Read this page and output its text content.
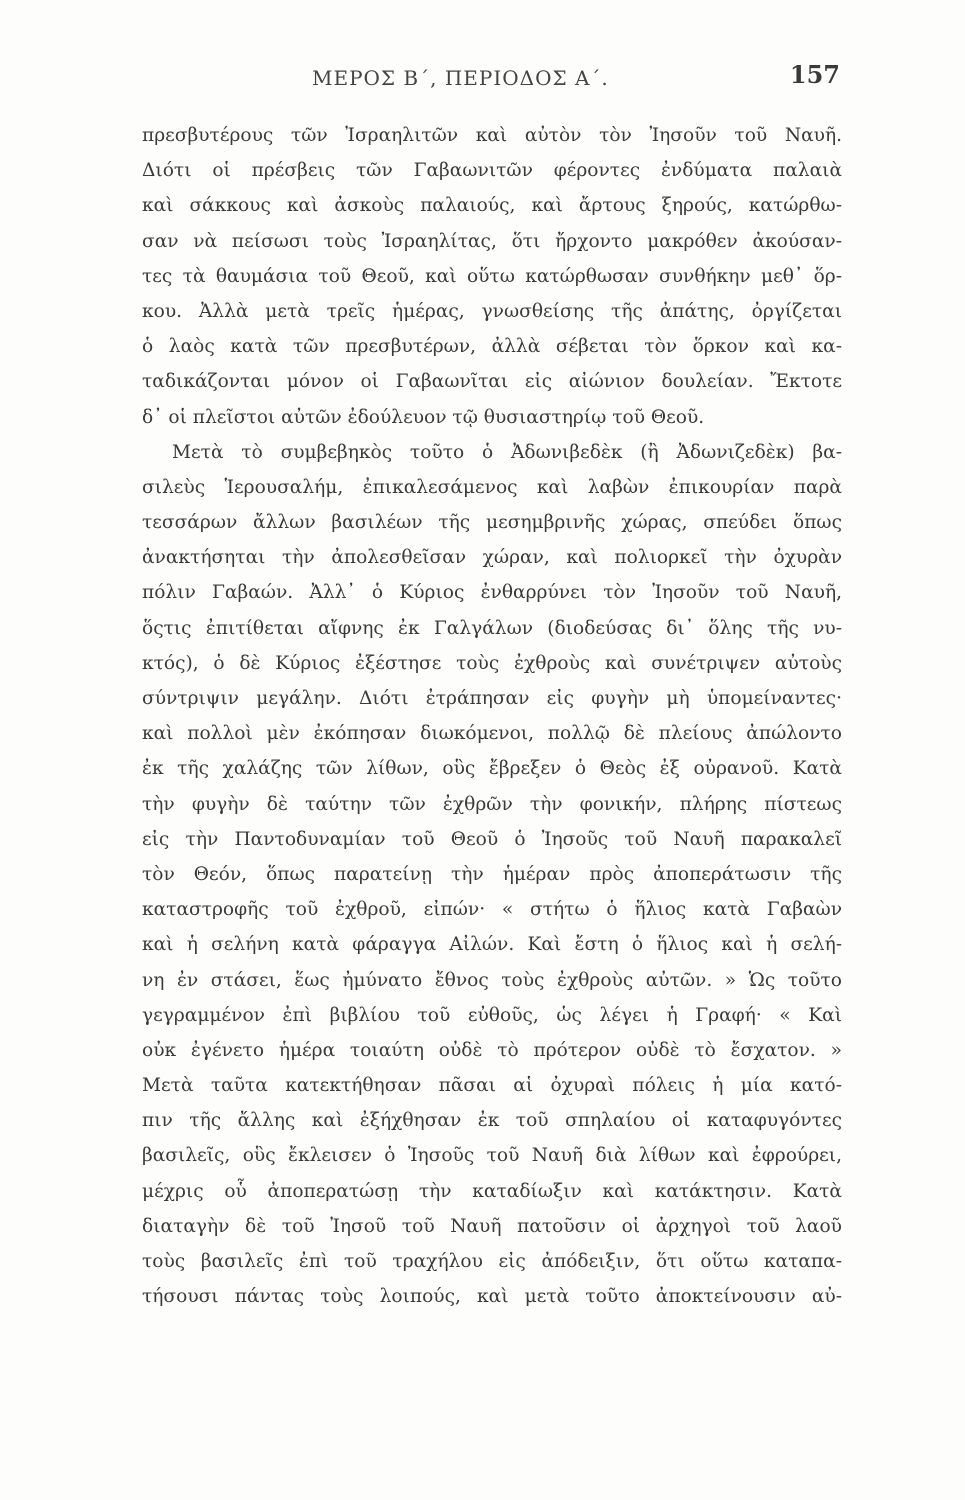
ΜΕΡΟΣ Β΄, ΠΕΡΙΟΔΟΣ Α΄.	157
πρεσβυτέρους τῶν Ἰσραηλιτῶν καὶ αὐτὸν τὸν Ἰησοῦν τοῦ Ναυῆ.
Διότι οἱ πρέσβεις τῶν Γαβαωνιτῶν φέροντες ἐνδύματα παλαιὰ
καὶ σάκκους καὶ ἀσκοὺς παλαιούς, καὶ ἄρτους ξηρούς, κατώρθω-
σαν νὰ πείσωσι τοὺς Ἰσραηλίτας, ὅτι ἤρχοντο μακρόθεν ἀκούσαν-
τες τὰ θαυμάσια τοῦ Θεοῦ, καὶ οὕτω κατώρθωσαν συνθήκην μεθ᾽ ὅρ-
κου. Ἀλλὰ μετὰ τρεῖς ἡμέρας, γνωσθείσης τῆς ἀπάτης, ὀργίζεται
ὁ λαὸς κατὰ τῶν πρεσβυτέρων, ἀλλὰ σέβεται τὸν ὅρκον καὶ κα-
ταδικάζονται μόνον οἱ Γαβαωνῖται εἰς αἰώνιον δουλείαν. Ἔκτοτε
δ᾽ οἱ πλεῖστοι αὐτῶν ἐδούλευον τῷ θυσιαστηρίῳ τοῦ Θεοῦ.
Μετὰ τὸ συμβεβηκὸς τοῦτο ὁ Ἀδωνιβεδὲκ (ἢ Ἀδωνιζεδὲκ) βα-
σιλεὺς Ἱερουσαλήμ, ἐπικαλεσάμενος καὶ λαβὼν ἐπικουρίαν παρὰ
τεσσάρων ἄλλων βασιλέων τῆς μεσημβρινῆς χώρας, σπεύδει ὅπως
ἀνακτήσηται τὴν ἀπολεσθεῖσαν χώραν, καὶ πολιορκεῖ τὴν ὀχυρὰν
πόλιν Γαβαών. Ἀλλ᾽ ὁ Κύριος ἐνθαρρύνει τὸν Ἰησοῦν τοῦ Ναυῆ,
ὅςτις ἐπιτίθεται αἴφνης ἐκ Γαλγάλων (διοδεύσας δι᾽ ὅλης τῆς νυ-
κτός), ὁ δὲ Κύριος ἐξέστησε τοὺς ἐχθροὺς καὶ συνέτριψεν αὐτοὺς
σύντριψιν μεγάλην. Διότι ἐτράπησαν εἰς φυγὴν μὴ ὑπομείναντες·
καὶ πολλοὶ μὲν ἐκόπησαν διωκόμενοι, πολλῷ δὲ πλείους ἀπώλοντο
ἐκ τῆς χαλάζης τῶν λίθων, οὓς ἔβρεξεν ὁ Θεὸς ἐξ οὐρανοῦ. Κατὰ
τὴν φυγὴν δὲ ταύτην τῶν ἐχθρῶν τὴν φονικήν, πλήρης πίστεως
εἰς τὴν Παντοδυναμίαν τοῦ Θεοῦ ὁ Ἰησοῦς τοῦ Ναυῆ παρακαλεῖ
τὸν Θεόν, ὅπως παρατείνῃ τὴν ἡμέραν πρὸς ἀποπεράτωσιν τῆς
καταστροφῆς τοῦ ἐχθροῦ, εἰπών· « στήτω ὁ ἥλιος κατὰ Γαβαὼν
καὶ ἡ σελήνη κατὰ φάραγγα Αἰλών. Καὶ ἔστη ὁ ἥλιος καὶ ἡ σελή-
νη ἐν στάσει, ἕως ἠμύνατο ἔθνος τοὺς ἐχθροὺς αὐτῶν. » Ὡς τοῦτο
γεγραμμένον ἐπὶ βιβλίου τοῦ εὐθοῦς, ὡς λέγει ἡ Γραφή· « Καὶ
οὐκ ἐγένετο ἡμέρα τοιαύτη οὐδὲ τὸ πρότερον οὐδὲ τὸ ἔσχατον. »
Μετὰ ταῦτα κατεκτήθησαν πᾶσαι αἱ ὀχυραὶ πόλεις ἡ μία κατό-
πιν τῆς ἄλλης καὶ ἐξήχθησαν ἐκ τοῦ σπηλαίου οἱ καταφυγόντες
βασιλεῖς, οὓς ἔκλεισεν ὁ Ἰησοῦς τοῦ Ναυῆ διὰ λίθων καὶ ἐφρούρει,
μέχρις οὗ ἀποπερατώσῃ τὴν καταδίωξιν καὶ κατάκτησιν. Κατὰ
διαταγὴν δὲ τοῦ Ἰησοῦ τοῦ Ναυῆ πατοῦσιν οἱ ἀρχηγοὶ τοῦ λαοῦ
τοὺς βασιλεῖς ἐπὶ τοῦ τραχήλου εἰς ἀπόδειξιν, ὅτι οὕτω καταπα-
τήσουσι πάντας τοὺς λοιπούς, καὶ μετὰ τοῦτο ἀποκτείνουσιν αὐ-
